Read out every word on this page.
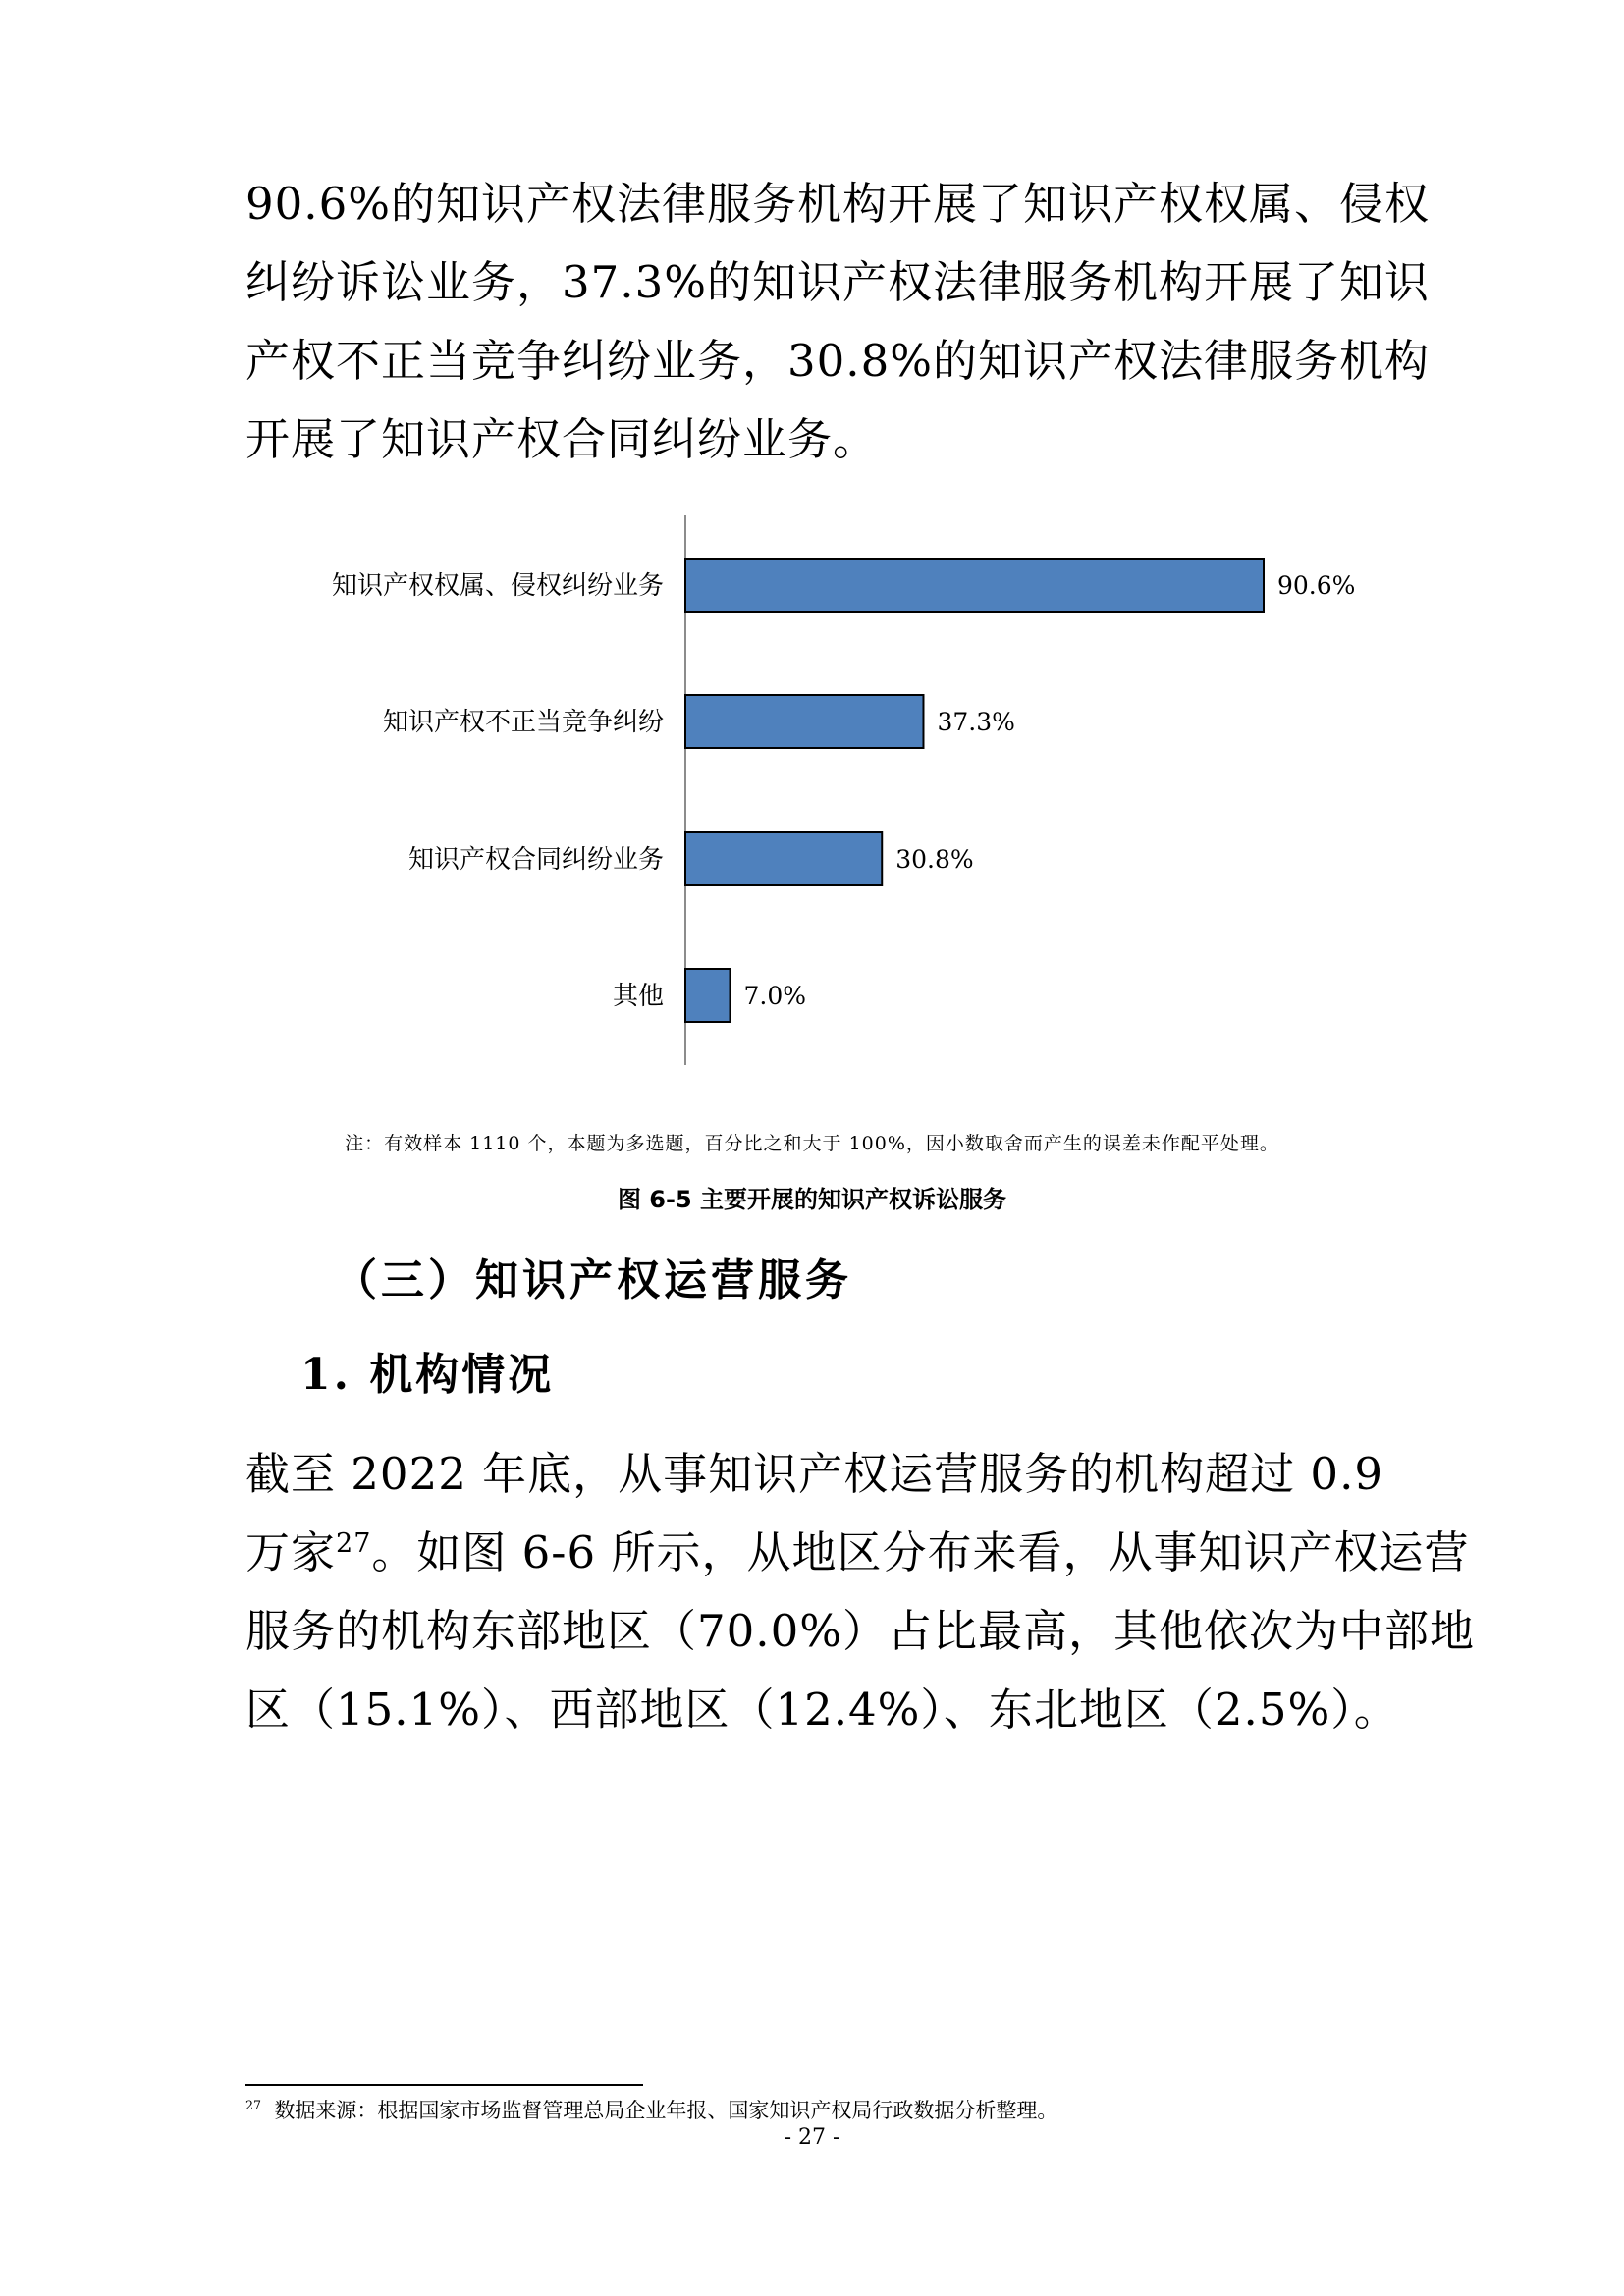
90.6%的知识产权法律服务机构开展了知识产权权属、侵权

纠纷诉讼业务，37.3%的知识产权法律服务机构开展了知识

产权不正当竞争纠纷业务，30.8%的知识产权法律服务机构

开展了知识产权合同纠纷业务。

知识产权权属、侵权纠纷业务	90.6%
知识产权不正当竞争纠纷	37.3%
知识产权合同纠纷业务	30.8%
其他	7.0%
注：有效样本 1110 个，本题为多选题，百分比之和大于 100%，因小数取舍而产生的误差未作配平处理。
图 6-5 主要开展的知识产权诉讼服务
（三）知识产权运营服务
1. 机构情况

截至 2022 年底，从事知识产权运营服务的机构超过 0.9

万家$^{27}$。如图 6-6 所示，从地区分布来看，从事知识产权运营

服务的机构东部地区（70.0%）占比最高，其他依次为中部地

区（15.1%）、西部地区（12.4%）、东北地区（2.5%）。

$^{27}$ 数据来源：根据国家市场监督管理总局企业年报、国家知识产权局行政数据分析整理。
- 27 -
